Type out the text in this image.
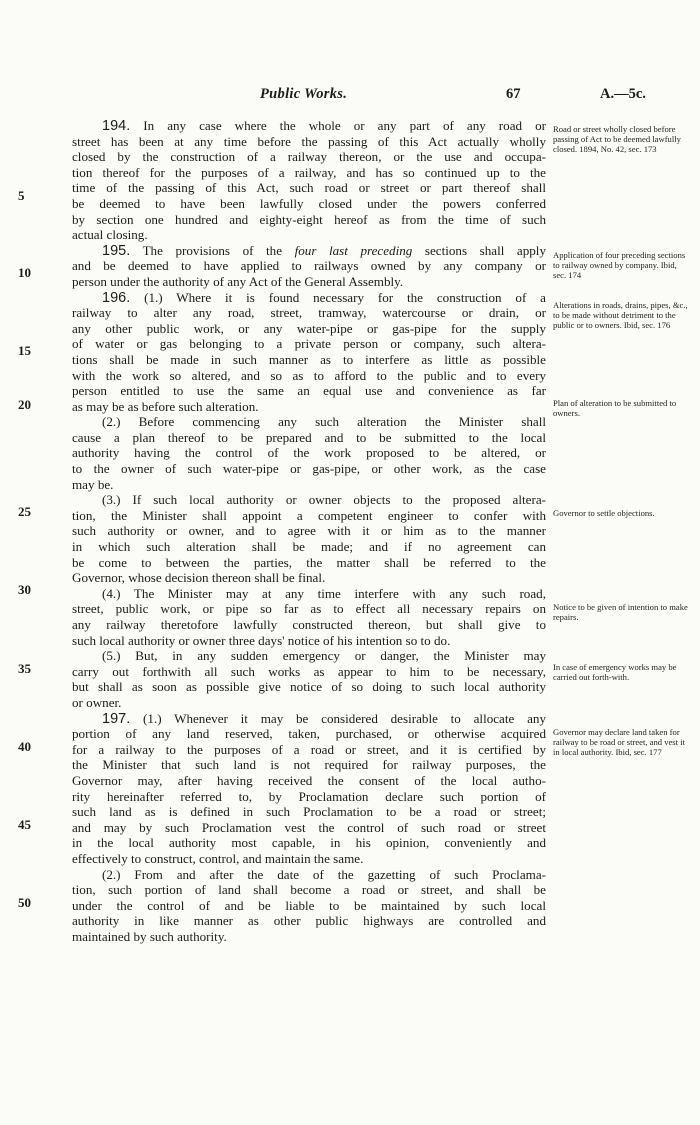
Public Works.	67	A.—5c.
5
10
15
20
25
30
35
40
45
50
194. In any case where the whole or any part of any road or
street has been at any time before the passing of this Act actually wholly
closed by the construction of a railway thereon, or the use and occupa-
tion thereof for the purposes of a railway, and has so continued up to the
time of the passing of this Act, such road or street or part thereof shall
be deemed to have been lawfully closed under the powers conferred
by section one hundred and eighty-eight hereof as from the time of such
actual closing.
195. The provisions of the four last preceding sections shall apply
and be deemed to have applied to railways owned by any company or
person under the authority of any Act of the General Assembly.
196. (1.) Where it is found necessary for the construction of a
railway to alter any road, street, tramway, watercourse or drain, or
any other public work, or any water-pipe or gas-pipe for the supply
of water or gas belonging to a private person or company, such altera-
tions shall be made in such manner as to interfere as little as possible
with the work so altered, and so as to afford to the public and to every
person entitled to use the same an equal use and convenience as far
as may be as before such alteration.
(2.) Before commencing any such alteration the Minister shall
cause a plan thereof to be prepared and to be submitted to the local
authority having the control of the work proposed to be altered, or
to the owner of such water-pipe or gas-pipe, or other work, as the case
may be.
(3.) If such local authority or owner objects to the proposed altera-
tion, the Minister shall appoint a competent engineer to confer with
such authority or owner, and to agree with it or him as to the manner
in which such alteration shall be made; and if no agreement can
be come to between the parties, the matter shall be referred to the
Governor, whose decision thereon shall be final.
(4.) The Minister may at any time interfere with any such road,
street, public work, or pipe so far as to effect all necessary repairs on
any railway theretofore lawfully constructed thereon, but shall give to
such local authority or owner three days' notice of his intention so to do.
(5.) But, in any sudden emergency or danger, the Minister may
carry out forthwith all such works as appear to him to be necessary,
but shall as soon as possible give notice of so doing to such local authority
or owner.
197. (1.) Whenever it may be considered desirable to allocate any
portion of any land reserved, taken, purchased, or otherwise acquired
for a railway to the purposes of a road or street, and it is certified by
the Minister that such land is not required for railway purposes, the
Governor may, after having received the consent of the local autho-
rity hereinafter referred to, by Proclamation declare such portion of
such land as is defined in such Proclamation to be a road or street;
and may by such Proclamation vest the control of such road or street
in the local authority most capable, in his opinion, conveniently and
effectively to construct, control, and maintain the same.
(2.) From and after the date of the gazetting of such Proclama-
tion, such portion of land shall become a road or street, and shall be
under the control of and be liable to be maintained by such local
authority in like manner as other public highways are controlled and
maintained by such authority.
Road or street wholly closed before passing of Act to be deemed lawfully closed. 1894, No. 42, sec. 173
Application of four preceding sections to railway owned by company. Ibid, sec. 174
Alterations in roads, drains, pipes, &c., to be made without detriment to the public or to owners. Ibid, sec. 176
Plan of alteration to be submitted to owners.
Governor to settle objections.
Notice to be given of intention to make repairs.
In case of emergency works may be carried out forth-with.
Governor may declare land taken for railway to be road or street, and vest it in local authority. Ibid, sec. 177
